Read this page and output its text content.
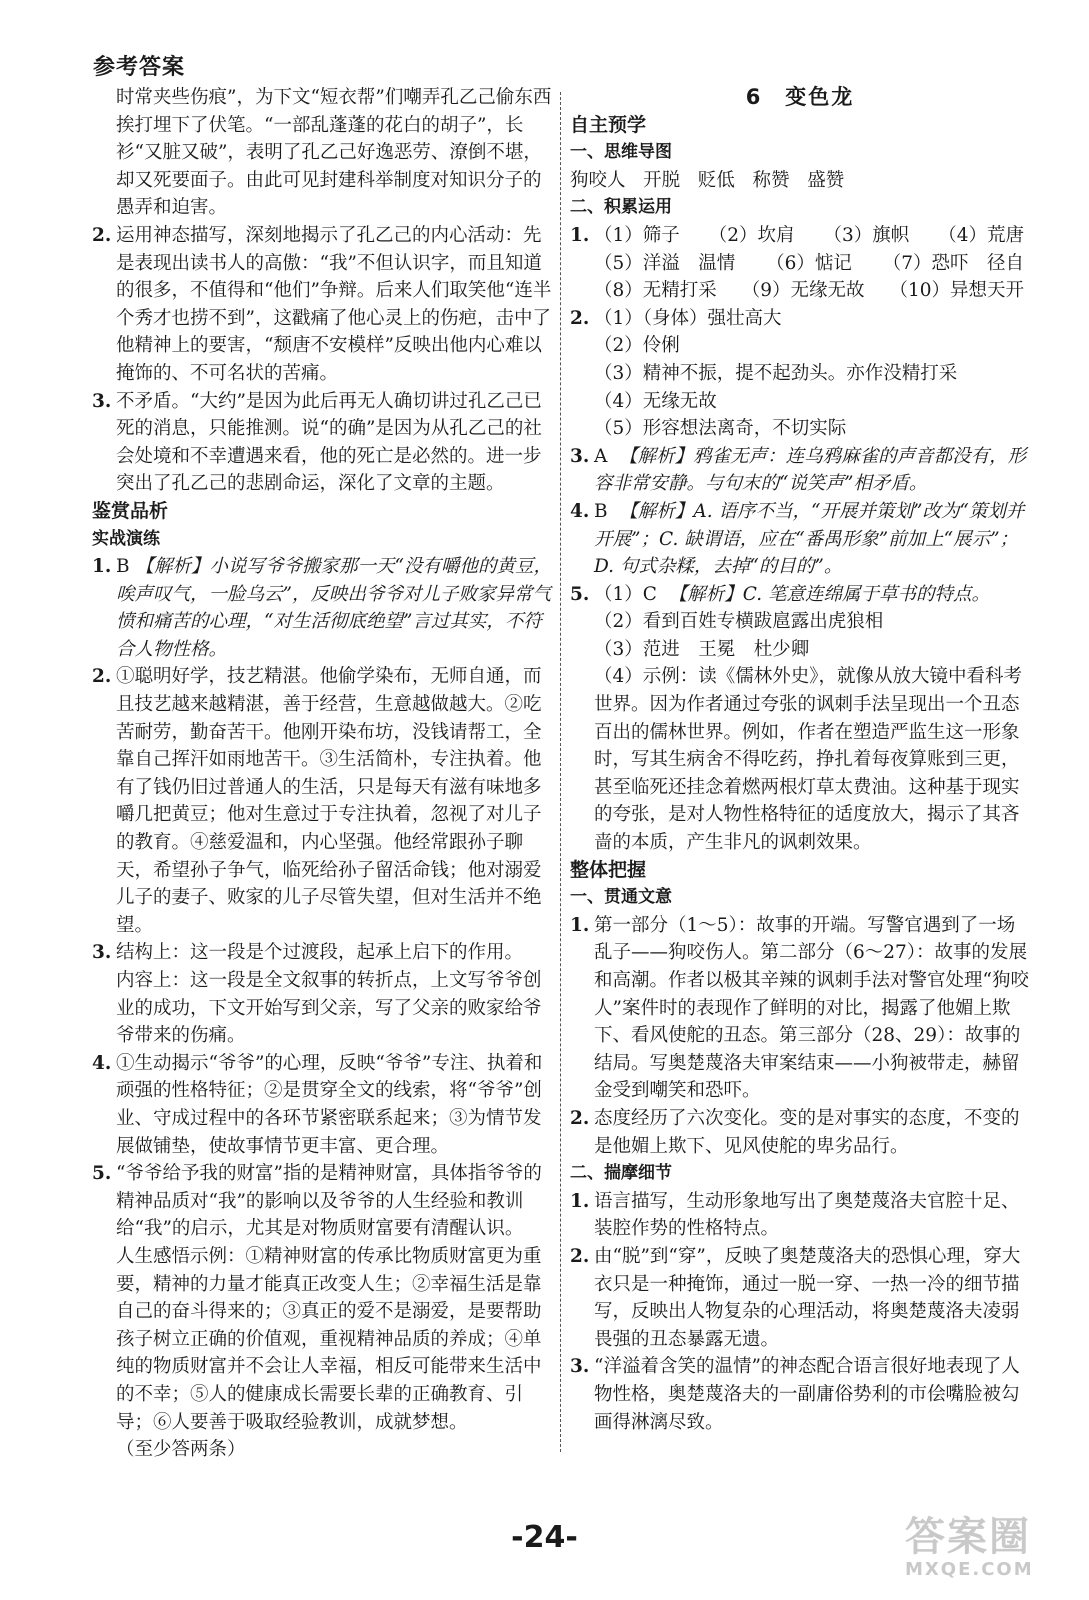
参考答案

时常夹些伤痕”，为下文“短衣帮”们嘲弄孔乙己偷东西挨打埋下了伏笔。“一部乱蓬蓬的花白的胡子”，长衫“又脏又破”，表明了孔乙己好逸恶劳、潦倒不堪，却又死要面子。由此可见封建科举制度对知识分子的愚弄和迫害。

2. 运用神态描写，深刻地揭示了孔乙己的内心活动：先是表现出读书人的高傲：“我”不但认识字，而且知道的很多，不值得和“他们”争辩。后来人们取笑他“连半个秀才也捞不到”，这戳痛了他心灵上的伤疤，击中了他精神上的要害，“颓唐不安模样”反映出他内心难以掩饰的、不可名状的苦痛。

3. 不矛盾。“大约”是因为此后再无人确切讲过孔乙己已死的消息，只能推测。说“的确”是因为从孔乙己的社会处境和不幸遭遇来看，他的死亡是必然的。进一步突出了孔乙己的悲剧命运，深化了文章的主题。

鉴赏品析

实战演练

1. B 【解析】小说写爷爷搬家那一天“没有嚼他的黄豆，唉声叹气，一脸乌云”，反映出爷爷对儿子败家异常气愤和痛苦的心理，“对生活彻底绝望”言过其实，不符合人物性格。

2. ①聪明好学，技艺精湛。他偷学染布，无师自通，而且技艺越来越精湛，善于经营，生意越做越大。②吃苦耐劳，勤奋苦干。他刚开染布坊，没钱请帮工，全靠自己挥汗如雨地苦干。③生活简朴，专注执着。他有了钱仍旧过普通人的生活，只是每天有滋有味地多嚼几把黄豆；他对生意过于专注执着，忽视了对儿子的教育。④慈爱温和，内心坚强。他经常跟孙子聊天，希望孙子争气，临死给孙子留活命钱；他对溺爱儿子的妻子、败家的儿子尽管失望，但对生活并不绝望。

3. 结构上：这一段是个过渡段，起承上启下的作用。

内容上：这一段是全文叙事的转折点，上文写爷爷创业的成功，下文开始写到父亲，写了父亲的败家给爷爷带来的伤痛。

4. ①生动揭示“爷爷”的心理，反映“爷爷”专注、执着和顽强的性格特征；②是贯穿全文的线索，将“爷爷”创业、守成过程中的各环节紧密联系起来；③为情节发展做铺垫，使故事情节更丰富、更合理。

5. “爷爷给予我的财富”指的是精神财富，具体指爷爷的精神品质对“我”的影响以及爷爷的人生经验和教训给“我”的启示，尤其是对物质财富要有清醒认识。

人生感悟示例：①精神财富的传承比物质财富更为重要，精神的力量才能真正改变人生；②幸福生活是靠自己的奋斗得来的；③真正的爱不是溺爱，是要帮助孩子树立正确的价值观，重视精神品质的养成；④单纯的物质财富并不会让人幸福，相反可能带来生活中的不幸；⑤人的健康成长需要长辈的正确教育、引导；⑥人要善于吸取经验教训，成就梦想。

（至少答两条）

6　变色龙

自主预学

一、思维导图

狗咬人 开脱 贬低 称赞 盛赞

二、积累运用

1. （1）筛子 （2）坎肩 （3）旗帜 （4）荒唐
（5）洋溢　温情 （6）惦记 （7）恐吓　径自
（8）无精打采 （9）无缘无故 （10）异想天开

2. （1）（身体）强壮高大

（2）伶俐

（3）精神不振，提不起劲头。亦作没精打采

（4）无缘无故

（5）形容想法离奇，不切实际

3. A 【解析】鸦雀无声：连乌鸦麻雀的声音都没有，形容非常安静。与句末的“说笑声”相矛盾。

4. B 【解析】A. 语序不当，“开展并策划”改为“策划并开展”；C. 缺谓语，应在“番禺形象”前加上“展示”；D. 句式杂糅，去掉“的目的”。

5. （1）C 【解析】C. 笔意连绵属于草书的特点。

（2）看到百姓专横跋扈露出虎狼相

（3）范进　王冕　杜少卿

（4）示例：读《儒林外史》，就像从放大镜中看科考世界。因为作者通过夸张的讽刺手法呈现出一个丑态百出的儒林世界。例如，作者在塑造严监生这一形象时，写其生病舍不得吃药，挣扎着每夜算账到三更，甚至临死还挂念着燃两根灯草太费油。这种基于现实的夸张，是对人物性格特征的适度放大，揭示了其吝啬的本质，产生非凡的讽刺效果。

整体把握

一、贯通文意

1. 第一部分（1～5）：故事的开端。写警官遇到了一场乱子——狗咬伤人。第二部分（6～27）：故事的发展和高潮。作者以极其辛辣的讽刺手法对警官处理“狗咬人”案件时的表现作了鲜明的对比，揭露了他媚上欺下、看风使舵的丑态。第三部分（28、29）：故事的结局。写奥楚蔑洛夫审案结束——小狗被带走，赫留金受到嘲笑和恐吓。

2. 态度经历了六次变化。变的是对事实的态度，不变的是他媚上欺下、见风使舵的卑劣品行。

二、揣摩细节

1. 语言描写，生动形象地写出了奥楚蔑洛夫官腔十足、装腔作势的性格特点。

2. 由“脱”到“穿”，反映了奥楚蔑洛夫的恐惧心理，穿大衣只是一种掩饰，通过一脱一穿、一热一冷的细节描写，反映出人物复杂的心理活动，将奥楚蔑洛夫凌弱畏强的丑态暴露无遗。

3. “洋溢着含笑的温情”的神态配合语言很好地表现了人物性格，奥楚蔑洛夫的一副庸俗势利的市侩嘴脸被勾画得淋漓尽致。

-24-	答案圈
MXQE.COM
